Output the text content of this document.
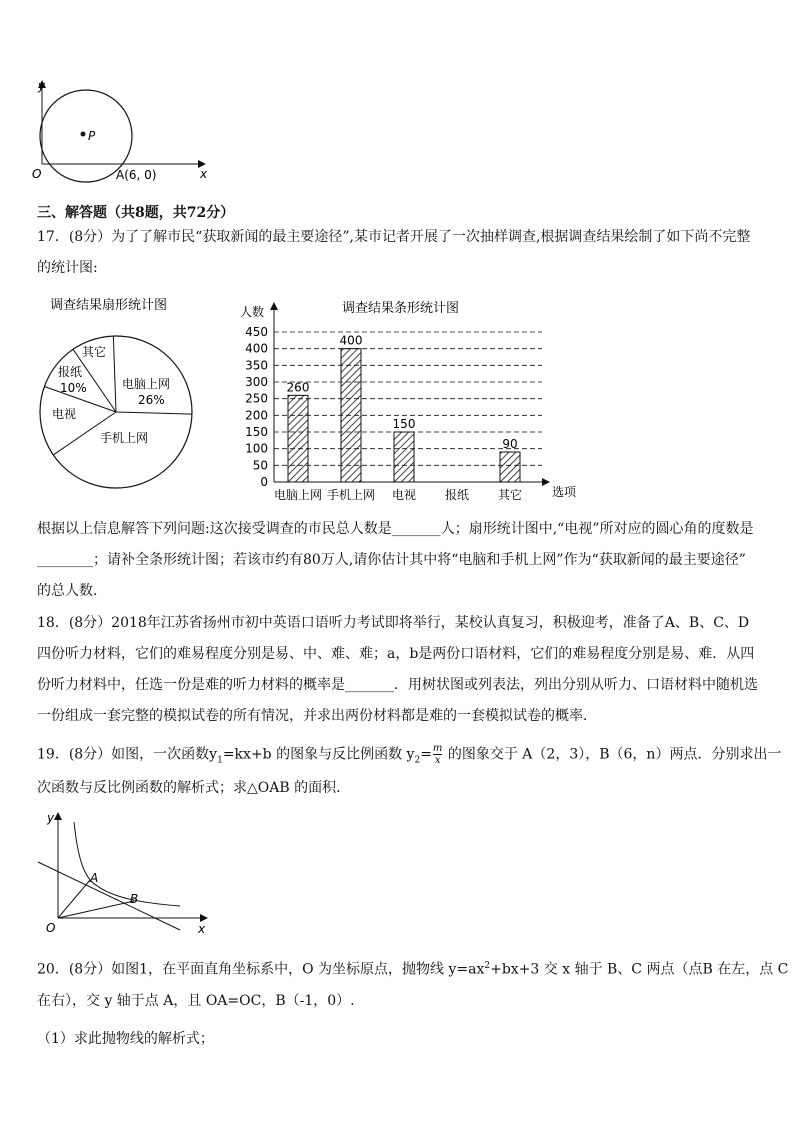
P
y
O	A(6, 0)	x
三、解答题（共8题，共72分）
17．(8分）为了了解市民“获取新闻的最主要途径”,某市记者开展了一次抽样调查,根据调查结果绘制了如下尚不完整
的统计图:
调查结果扇形统计图
电脑上网
26%
手机上网
电视
报纸
10%
其它
调查结果条形统计图
人数
选项
0
50
100
150
200
250
300
350
400
450
电脑上网
260
手机上网
400
电视
150
报纸 其它
90
根据以上信息解答下列问题:这次接受调查的市民总人数是_______人；扇形统计图中,“电视”所对应的圆心角的度数是
________；请补全条形统计图；若该市约有80万人,请你估计其中将“电脑和手机上网”作为“获取新闻的最主要途径”
的总人数.
18．(8分）2018年江苏省扬州市初中英语口语听力考试即将举行，某校认真复习，积极迎考，准备了A、B、C、D
四份听力材料，它们的难易程度分别是易、中、难、难；a，b是两份口语材料，它们的难易程度分别是易、难．从四
份听力材料中，任选一份是难的听力材料的概率是_______．用树状图或列表法，列出分别从听力、口语材料中随机选
一份组成一套完整的模拟试卷的所有情况，并求出两份材料都是难的一套模拟试卷的概率．
19．(8分）如图，一次函数$y_1=kx+b$ 的图象与反比例函数 $y_2= \frac{m}{x}$ 的图象交于 A（2，3），B（6，n）两点．分别求出一
次函数与反比例函数的解析式；求△OAB 的面积．
y
A
B
O	x
20．(8分）如图1，在平面直角坐标系中，O 为坐标原点，抛物线 $y=ax^2+bx+3$ 交 x 轴于 B、C 两点（点B 在左，点 C
在右），交 y 轴于点 A，且 OA=OC，B（-1，0）.
（1）求此抛物线的解析式；
